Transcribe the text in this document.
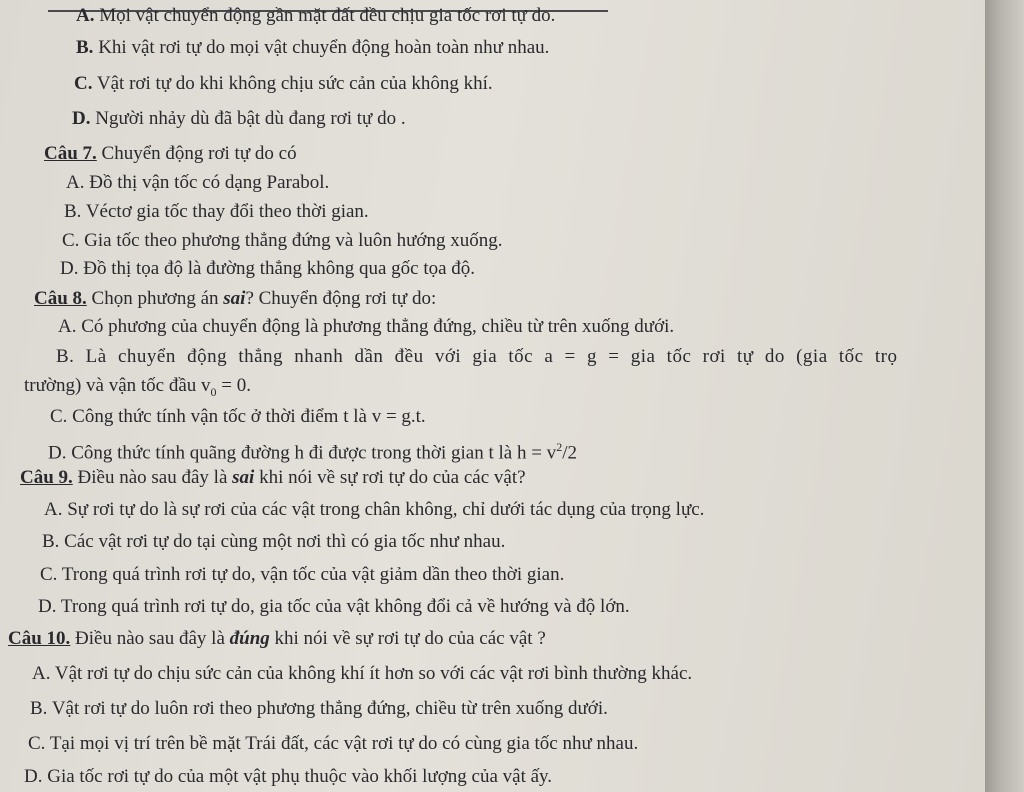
A. Mọi vật chuyển động gần mặt đất đều chịu gia tốc rơi tự do.
B. Khi vật rơi tự do mọi vật chuyển động hoàn toàn như nhau.
C. Vật rơi tự do khi không chịu sức cản của không khí.
D. Người nhảy dù đã bật dù đang rơi tự do .
Câu 7. Chuyển động rơi tự do có
A. Đồ thị vận tốc có dạng Parabol.
B. Véctơ gia tốc thay đổi theo thời gian.
C. Gia tốc theo phương thẳng đứng và luôn hướng xuống.
D. Đồ thị tọa độ là đường thẳng không qua gốc tọa độ.
Câu 8. Chọn phương án sai? Chuyển động rơi tự do:
A. Có phương của chuyển động là phương thẳng đứng, chiều từ trên xuống dưới.
B. Là chuyển động thẳng nhanh dần đều với gia tốc a = g = gia tốc rơi tự do (gia tốc trọ
trường) và vận tốc đầu $v_0 = 0$.
C. Công thức tính vận tốc ở thời điểm t là v = g.t.
D. Công thức tính quãng đường h đi được trong thời gian t là $h = v^2/2$
Câu 9. Điều nào sau đây là sai khi nói về sự rơi tự do của các vật?
A. Sự rơi tự do là sự rơi của các vật trong chân không, chỉ dưới tác dụng của trọng lực.
B. Các vật rơi tự do tại cùng một nơi thì có gia tốc như nhau.
C. Trong quá trình rơi tự do, vận tốc của vật giảm dần theo thời gian.
D. Trong quá trình rơi tự do, gia tốc của vật không đổi cả về hướng và độ lớn.
Câu 10. Điều nào sau đây là đúng khi nói về sự rơi tự do của các vật ?
A. Vật rơi tự do chịu sức cản của không khí ít hơn so với các vật rơi bình thường khác.
B. Vật rơi tự do luôn rơi theo phương thẳng đứng, chiều từ trên xuống dưới.
C. Tại mọi vị trí trên bề mặt Trái đất, các vật rơi tự do có cùng gia tốc như nhau.
D. Gia tốc rơi tự do của một vật phụ thuộc vào khối lượng của vật ấy.
